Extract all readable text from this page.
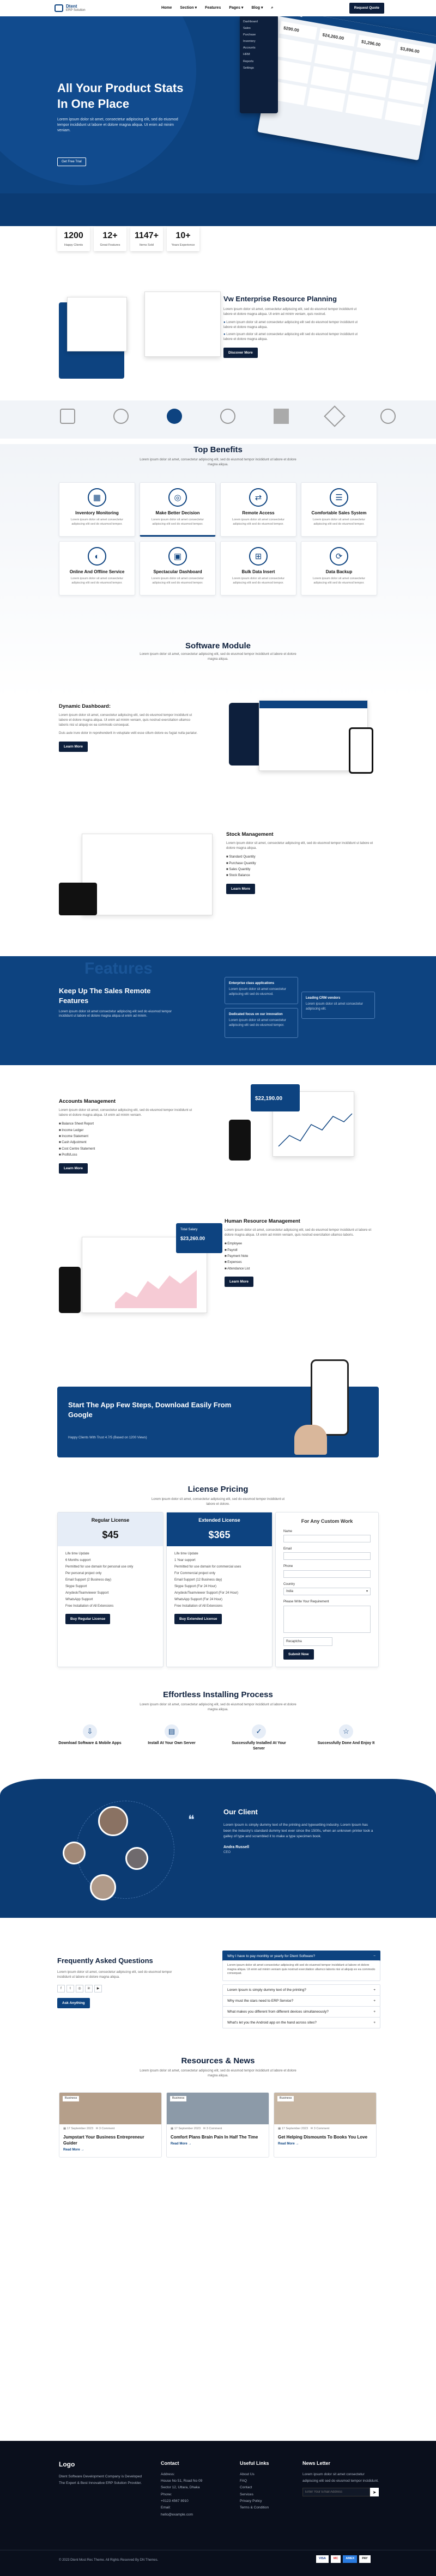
Dtent
ERP Solution
Home Section ▾ Features Pages ▾ Blog ▾ ⌕	Request Quote
All Your Product Stats In One Place

Lorem ipsum dolor sit amet, consectetur adipiscing elit, sed do eiusmod tempor incididunt ut labore et dolore magna aliqua. Ut enim ad minim veniam.

Get Free Trial
$290.00
$24,260.00
$1,296.00
$3,896.00
Dashboard
Sales
Purchase
Inventory
Accounts
HRM
Reports
Settings
1200
Happy Clients
12+
Great Features
1147+
Items Sold
10+
Years Experience
Vw Enterprise Resource Planning
Lorem ipsum dolor sit amet, consectetur adipiscing elit, sed do eiusmod tempor incididunt ut labore et dolore magna aliqua. Ut enim ad minim veniam, quis nostrud.
● Lorem ipsum dolor sit amet consectetur adipiscing elit sed do eiusmod tempor incididunt ut labore et dolore magna aliqua.
● Lorem ipsum dolor sit amet consectetur adipiscing elit sed do eiusmod tempor incididunt ut labore et dolore magna aliqua.
Discover More
Top Benefits
Lorem ipsum dolor sit amet, consectetur adipiscing elit, sed do eiusmod tempor incididunt ut labore et dolore magna aliqua.
▦
Inventory Monitoring

Lorem ipsum dolor sit amet consectetur adipiscing elit sed do eiusmod tempor.

◎
Make Better Decision

Lorem ipsum dolor sit amet consectetur adipiscing elit sed do eiusmod tempor.

⇄
Remote Access

Lorem ipsum dolor sit amet consectetur adipiscing elit sed do eiusmod tempor.

☰
Comfortable Sales System

Lorem ipsum dolor sit amet consectetur adipiscing elit sed do eiusmod tempor.

◐
Online And Offline Service

Lorem ipsum dolor sit amet consectetur adipiscing elit sed do eiusmod tempor.

▣
Spectacular Dashboard

Lorem ipsum dolor sit amet consectetur adipiscing elit sed do eiusmod tempor.

⊞
Bulk Data Insert

Lorem ipsum dolor sit amet consectetur adipiscing elit sed do eiusmod tempor.

⟳
Data Backup

Lorem ipsum dolor sit amet consectetur adipiscing elit sed do eiusmod tempor.

Software Module
Lorem ipsum dolor sit amet, consectetur adipiscing elit, sed do eiusmod tempor incididunt ut labore et dolore magna aliqua.
Dynamic Dashboard:
Lorem ipsum dolor sit amet, consectetur adipiscing elit, sed do eiusmod tempor incididunt ut labore et dolore magna aliqua. Ut enim ad minim veniam, quis nostrud exercitation ullamco laboris nisi ut aliquip ex ea commodo consequat.
Duis aute irure dolor in reprehenderit in voluptate velit esse cillum dolore eu fugiat nulla pariatur.
Learn More
Stock Management
Lorem ipsum dolor sit amet, consectetur adipiscing elit, sed do eiusmod tempor incididunt ut labore et dolore magna aliqua.
■ Standard Quantity
■ Purchase Quantity
■ Sales Quantity
■ Stock Balance
Learn More
Features
Keep Up The Sales Remote Features
Lorem ipsum dolor sit amet consectetur adipiscing elit sed do eiusmod tempor incididunt ut labore et dolore magna aliqua ut enim ad minim.
Enterprise class applications
Lorem ipsum dolor sit amet consectetur adipiscing elit sed do eiusmod.
Leading CRM vendors
Lorem ipsum dolor sit amet consectetur adipiscing elit.
Dedicated focus on our innovation
Lorem ipsum dolor sit amet consectetur adipiscing elit sed do eiusmod tempor.
Accounts Management
Lorem ipsum dolor sit amet, consectetur adipiscing elit, sed do eiusmod tempor incididunt ut labore et dolore magna aliqua. Ut enim ad minim veniam.
■ Balance Sheet Report
■ Income Ledger
■ Income Statement
■ Cash Adjustment
■ Cost Centre Statement
■ Profit/Loss
Learn More
$22,190.00
Total Salary
$23,260.00
Human Resource Management
Lorem ipsum dolor sit amet, consectetur adipiscing elit, sed do eiusmod tempor incididunt ut labore et dolore magna aliqua. Ut enim ad minim veniam, quis nostrud exercitation ullamco laboris.
■ Employee
■ Payroll
■ Payment Note
■ Expenses
■ Attendance List
Learn More
Start The App Few Steps, Download Easily From Google
Happy Clients With Trust 4.7/5 (Based on 1200 Views)
License Pricing
Lorem ipsum dolor sit amet, consectetur adipiscing elit, sed do eiusmod tempor incididunt ut labore et dolore.
Regular License
$45
Life time Update
6 Months support
Permitted for use domain for personal use only
Per personal project only
Email Support (2 Business day)
Skype Support
Anydesk/Teamviewer Support
WhatsApp Support
Free Installation of All Extensions
Buy Regular License
Extended License
$365
Life time Update
1 Year support
Permitted for use domain for commercial uses
For Commercial project only
Email Support (12 Business day)
Skype Support (For 24 Hour)
Anydesk/Teamviewer Support (For 24 Hour)
WhatsApp Support (For 24 Hour)
Free Installation of All Extensions
Buy Extended License
For Any Custom Work
Name
Email
Phone
Country
India	▾
Please Write Your Requirement
Recaptcha
Submit Now
Effortless Installing Process
Lorem ipsum dolor sit amet, consectetur adipiscing elit, sed do eiusmod tempor incididunt ut labore et dolore magna aliqua.
⇩
Download Software & Mobile Apps
▤
Install At Your Own Server
✓
Successfully Installed At Your Server
☆
Successfully Done And Enjoy It
❝
Our Client
Lorem Ipsum is simply dummy text of the printing and typesetting industry. Lorem Ipsum has been the industry's standard dummy text ever since the 1500s, when an unknown printer took a galley of type and scrambled it to make a type specimen book.
Andra Russell
CEO
Frequently Asked Questions
Lorem ipsum dolor sit amet, consectetur adipiscing elit, sed do eiusmod tempor incididunt ut labore et dolore magna aliqua.
f	t ◎ in ▶
Ask Anything
Why I have to pay monthly or yearly for Dtent Software?	−
Lorem ipsum dolor sit amet consectetur adipiscing elit sed do eiusmod tempor incididunt ut labore et dolore magna aliqua. Ut enim ad minim veniam quis nostrud exercitation ullamco laboris nisi ut aliquip ex ea commodo consequat.
Lorem Ipsum is simply dummy text of the printing?	+
Why must the stars need to ERP Service?	+
What makes you different from different devices simultaneously?	+
What's let you the Android app on the hand across sites?	+
Resources & News
Lorem ipsum dolor sit amet, consectetur adipiscing elit, sed do eiusmod tempor incididunt ut labore et dolore magna aliqua.
Business
▦ 17 September 2023 ✉ 3 Comment
Jumpstart Your Business Entrepreneur Guider
Read More →
Business
▦ 17 September 2023 ✉ 3 Comment
Comfort Plans Brain Pain In Half The Time
Read More →
Business
▦ 17 September 2023 ✉ 3 Comment
Get Helping Dismounts To Books You Love
Read More →
Logo
Dtent Software Development Company is Developed The Expert & Best Innovative ERP Solution Provider.
Contact
Address:
House No 51, Road No 09
Sector 12, Uttara, Dhaka
Phone:
+0123 4567 8910
Email:
hello@example.com
Useful Links
About Us
FAQ
Contact
Services
Privacy Policy
Terms & Condition
News Letter
Lorem ipsum dolor sit amet consectetur adipiscing elit sed do eiusmod tempor incididunt.
Enter Your Email Address
➤
© 2023 Dtent Most Rec Theme. All Rights Reserved By DN Themes.	VISA	MC	AMEX	PAY
